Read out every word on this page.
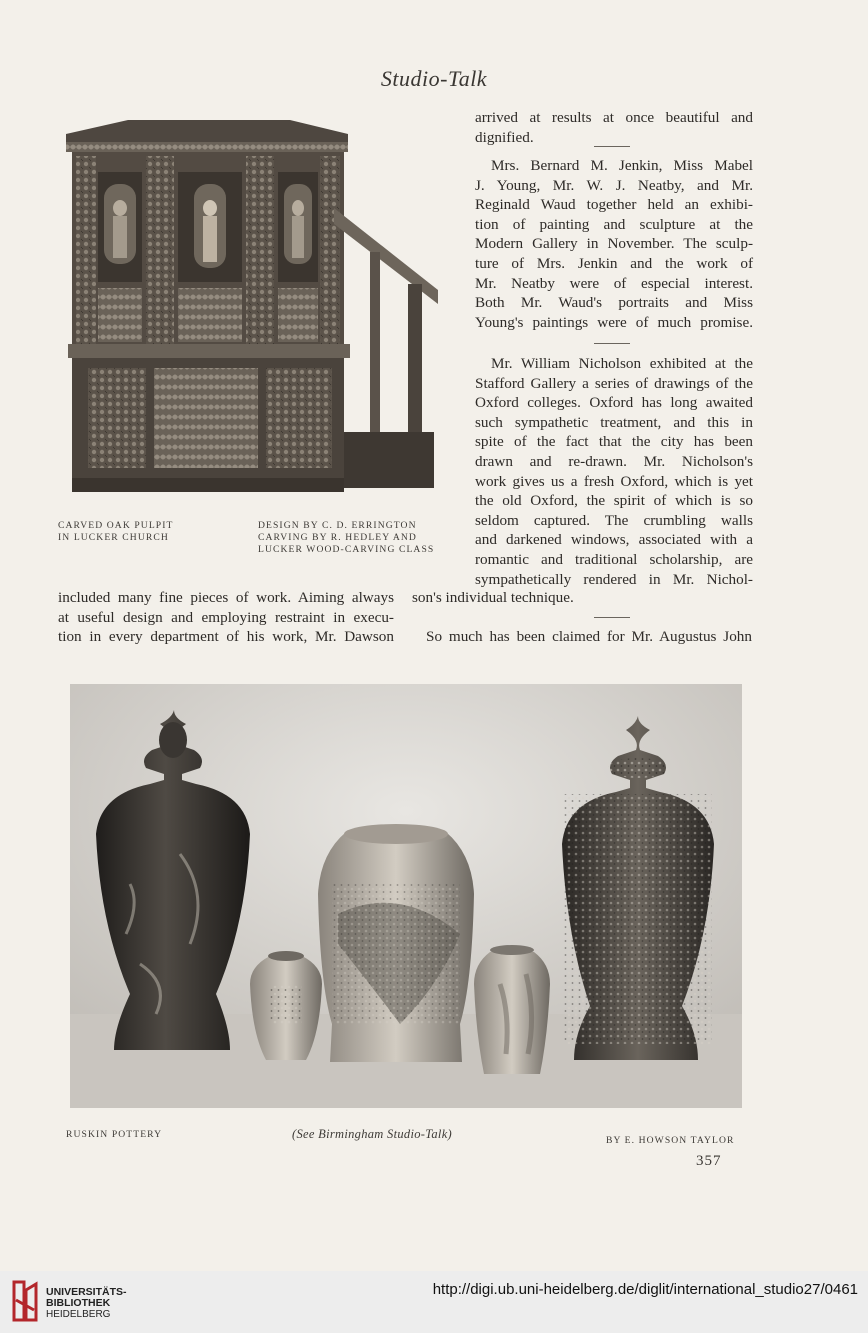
Studio-Talk
CARVED OAK PULPIT
IN LUCKER CHURCH
DESIGN BY C. D. ERRINGTON
CARVING BY R. HEDLEY AND
LUCKER WOOD-CARVING CLASS
arrived at results at once beautiful and
dignified.
Mrs. Bernard M. Jenkin, Miss Mabel
J. Young, Mr. W. J. Neatby, and Mr.
Reginald Waud together held an exhibi-
tion of painting and sculpture at the
Modern Gallery in November. The sculp-
ture of Mrs. Jenkin and the work of
Mr. Neatby were of especial interest.
Both Mr. Waud's portraits and Miss
Young's paintings were of much promise.
Mr. William Nicholson exhibited at the
Stafford Gallery a series of drawings of the
Oxford colleges. Oxford has long awaited
such sympathetic treatment, and this in
spite of the fact that the city has been
drawn and re-drawn. Mr. Nicholson's
work gives us a fresh Oxford, which is yet
the old Oxford, the spirit of which is so
seldom captured. The crumbling walls
and darkened windows, associated with a
romantic and traditional scholarship, are
sympathetically rendered in Mr. Nichol-
included many fine pieces of work. Aiming always
at useful design and employing restraint in execu-
tion in every department of his work, Mr. Dawson
son's individual technique.
So much has been claimed for Mr. Augustus John
RUSKIN POTTERY	(See Birmingham Studio-Talk)	BY E. HOWSON TAYLOR
357
UNIVERSITÄTS-
BIBLIOTHEK
HEIDELBERG
http://digi.ub.uni-heidelberg.de/diglit/international_studio27/0461
